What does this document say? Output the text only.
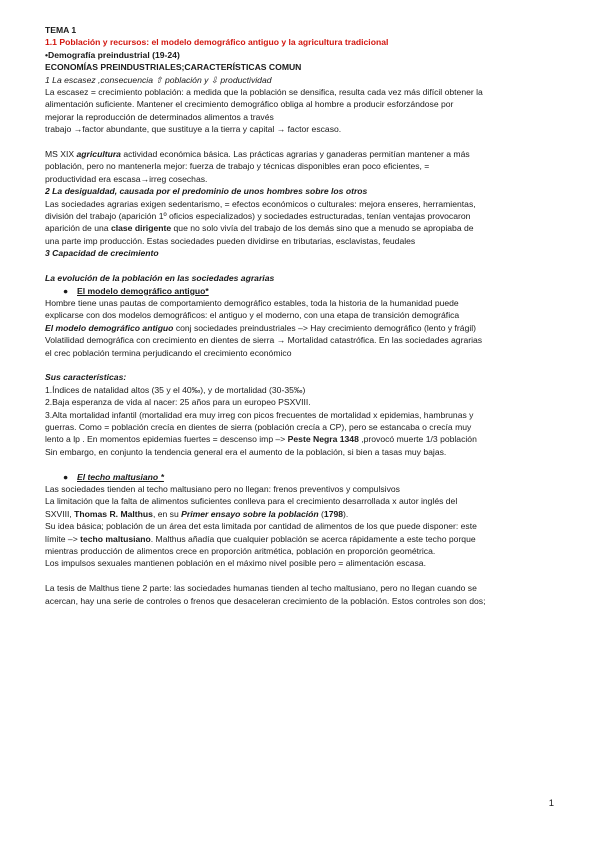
TEMA 1
1.1 Población y recursos: el modelo demográfico antiguo y la agricultura tradicional
•Demografía preindustrial (19-24)
ECONOMÍAS PREINDUSTRIALES;CARACTERÍSTICAS COMUN
1 La escasez ,consecuencia ⇧ población y ⇩ productividad
La escasez = crecimiento población: a medida que la población se densifica, resulta cada vez más difícil obtener la
alimentación suficiente. Mantener el crecimiento demográfico obliga al hombre a producir esforzándose por
mejorar la reproducción de determinados alimentos a través
trabajo →factor abundante, que sustituye a la tierra y capital → factor escaso.
MS XIX agricultura actividad económica básica. Las prácticas agrarias y ganaderas permitían mantener a más
población, pero no mantenerla mejor: fuerza de trabajo y técnicas disponibles eran poco eficientes, =
productividad era escasa→irreg cosechas.
2 La desigualdad, causada por el predominio de unos hombres sobre los otros
Las sociedades agrarias exigen sedentarismo, = efectos económicos o culturales: mejora enseres, herramientas,
división del trabajo (aparición 1º oficios especializados) y sociedades estructuradas, tenían ventajas provocaron
aparición de una clase dirigente que no solo vivía del trabajo de los demás sino que a menudo se apropiaba de
una parte imp producción. Estas sociedades pueden dividirse en tributarias, esclavistas, feudales
3 Capacidad de crecimiento
La evolución de la población en las sociedades agrarias
● El modelo demográfico antiguo*
Hombre tiene unas pautas de comportamiento demográfico estables, toda la historia de la humanidad puede
explicarse con dos modelos demográficos: el antiguo y el moderno, con una etapa de transición demográfica
El modelo demográfico antiguo conj sociedades preindustriales –> Hay crecimiento demográfico (lento y frágil)
Volatilidad demográfica con crecimiento en dientes de sierra → Mortalidad catastrófica. En las sociedades agrarias
el crec población termina perjudicando el crecimiento económico
Sus características:
1.Índices de natalidad altos (35 y el 40‰), y de mortalidad (30-35‰)
2.Baja esperanza de vida al nacer: 25 años para un europeo PSXVIII.
3.Alta mortalidad infantil (mortalidad era muy irreg con picos frecuentes de mortalidad x epidemias, hambrunas y
guerras. Como = población crecía en dientes de sierra (población crecía a CP), pero se estancaba o crecía muy
lento a lp . En momentos epidemias fuertes = descenso imp –> Peste Negra 1348 ,provocó muerte 1/3 población
Sin embargo, en conjunto la tendencia general era el aumento de la población, si bien a tasas muy bajas.
● El techo maltusiano *
Las sociedades tienden al techo maltusiano pero no llegan: frenos preventivos y compulsivos
La limitación que la falta de alimentos suficientes conlleva para el crecimiento desarrollada x autor inglés del
SXVIII, Thomas R. Malthus, en su Primer ensayo sobre la población (1798).
Su idea básica; población de un área det esta limitada por cantidad de alimentos de los que puede disponer: este
límite –> techo maltusiano. Malthus añadía que cualquier población se acerca rápidamente a este techo porque
mientras producción de alimentos crece en proporción aritmética, población en proporción geométrica.
Los impulsos sexuales mantienen población en el máximo nivel posible pero = alimentación escasa.
La tesis de Malthus tiene 2 parte: las sociedades humanas tienden al techo maltusiano, pero no llegan cuando se
acercan, hay una serie de controles o frenos que desaceleran crecimiento de la población. Estos controles son dos;
1
